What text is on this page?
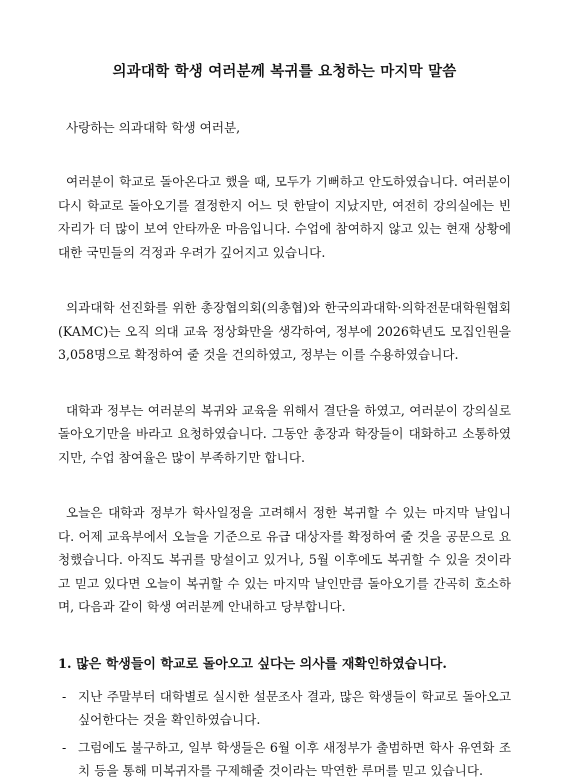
의과대학 학생 여러분께 복귀를 요청하는 마지막 말씀

사랑하는 의과대학 학생 여러분,

여러분이 학교로 돌아온다고 했을 때, 모두가 기뻐하고 안도하였습니다. 여러분이 다시 학교로 돌아오기를 결정한지 어느 덧 한달이 지났지만, 여전히 강의실에는 빈자리가 더 많이 보여 안타까운 마음입니다. 수업에 참여하지 않고 있는 현재 상황에 대한 국민들의 걱정과 우려가 깊어지고 있습니다.

의과대학 선진화를 위한 총장협의회(의총협)와 한국의과대학·의학전문대학원협회(KAMC)는 오직 의대 교육 정상화만을 생각하여, 정부에 2026학년도 모집인원을 3,058명으로 확정하여 줄 것을 건의하였고, 정부는 이를 수용하였습니다.

대학과 정부는 여러분의 복귀와 교육을 위해서 결단을 하였고, 여러분이 강의실로 돌아오기만을 바라고 요청하였습니다. 그동안 총장과 학장들이 대화하고 소통하였지만, 수업 참여율은 많이 부족하기만 합니다.

오늘은 대학과 정부가 학사일정을 고려해서 정한 복귀할 수 있는 마지막 날입니다. 어제 교육부에서 오늘을 기준으로 유급 대상자를 확정하여 줄 것을 공문으로 요청했습니다. 아직도 복귀를 망설이고 있거나, 5월 이후에도 복귀할 수 있을 것이라고 믿고 있다면 오늘이 복귀할 수 있는 마지막 날인만큼 돌아오기를 간곡히 호소하며, 다음과 같이 학생 여러분께 안내하고 당부합니다.

1. 많은 학생들이 학교로 돌아오고 싶다는 의사를 재확인하였습니다.
- 지난 주말부터 대학별로 실시한 설문조사 결과, 많은 학생들이 학교로 돌아오고 싶어한다는 것을 확인하였습니다.
- 그럼에도 불구하고, 일부 학생들은 6월 이후 새정부가 출범하면 학사 유연화 조치 등을 통해 미복귀자를 구제해줄 것이라는 막연한 루머를 믿고 있습니다.
